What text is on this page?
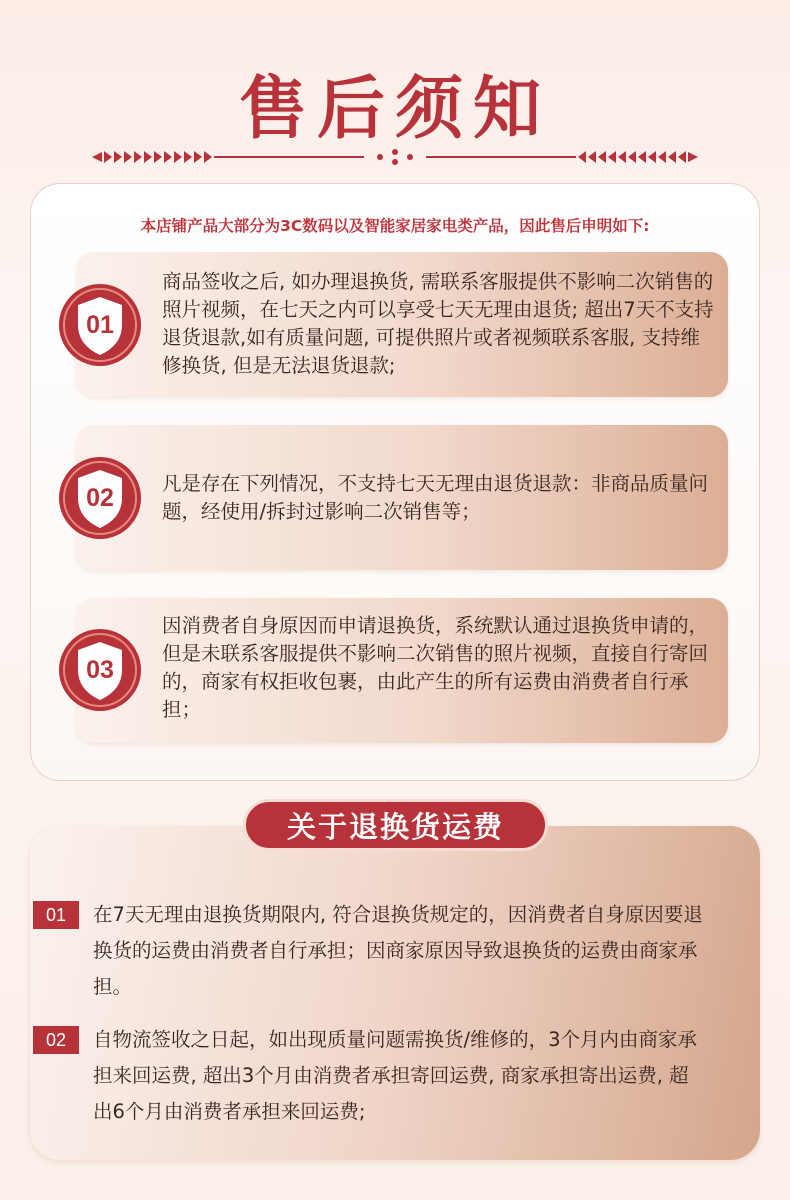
售后须知
本店铺产品大部分为3C数码以及智能家居家电类产品，因此售后申明如下:
01
商品签收之后, 如办理退换货, 需联系客服提供不影响二次销售的照片视频，在七天之内可以享受七天无理由退货; 超出7天不支持退货退款,如有质量问题, 可提供照片或者视频联系客服, 支持维修换货, 但是无法退货退款;
02	凡是存在下列情况，不支持七天无理由退货退款：非商品质量问题，经使用/拆封过影响二次销售等；
03
因消费者自身原因而申请退换货，系统默认通过退换货申请的，但是未联系客服提供不影响二次销售的照片视频，直接自行寄回的，商家有权拒收包裹，由此产生的所有运费由消费者自行承担；
关于退换货运费
01	在7天无理由退换货期限内, 符合退换货规定的，因消费者自身原因要退换货的运费由消费者自行承担；因商家原因导致退换货的运费由商家承担。
02	自物流签收之日起，如出现质量问题需换货/维修的，3个月内由商家承担来回运费, 超出3个月由消费者承担寄回运费, 商家承担寄出运费, 超出6个月由消费者承担来回运费;
